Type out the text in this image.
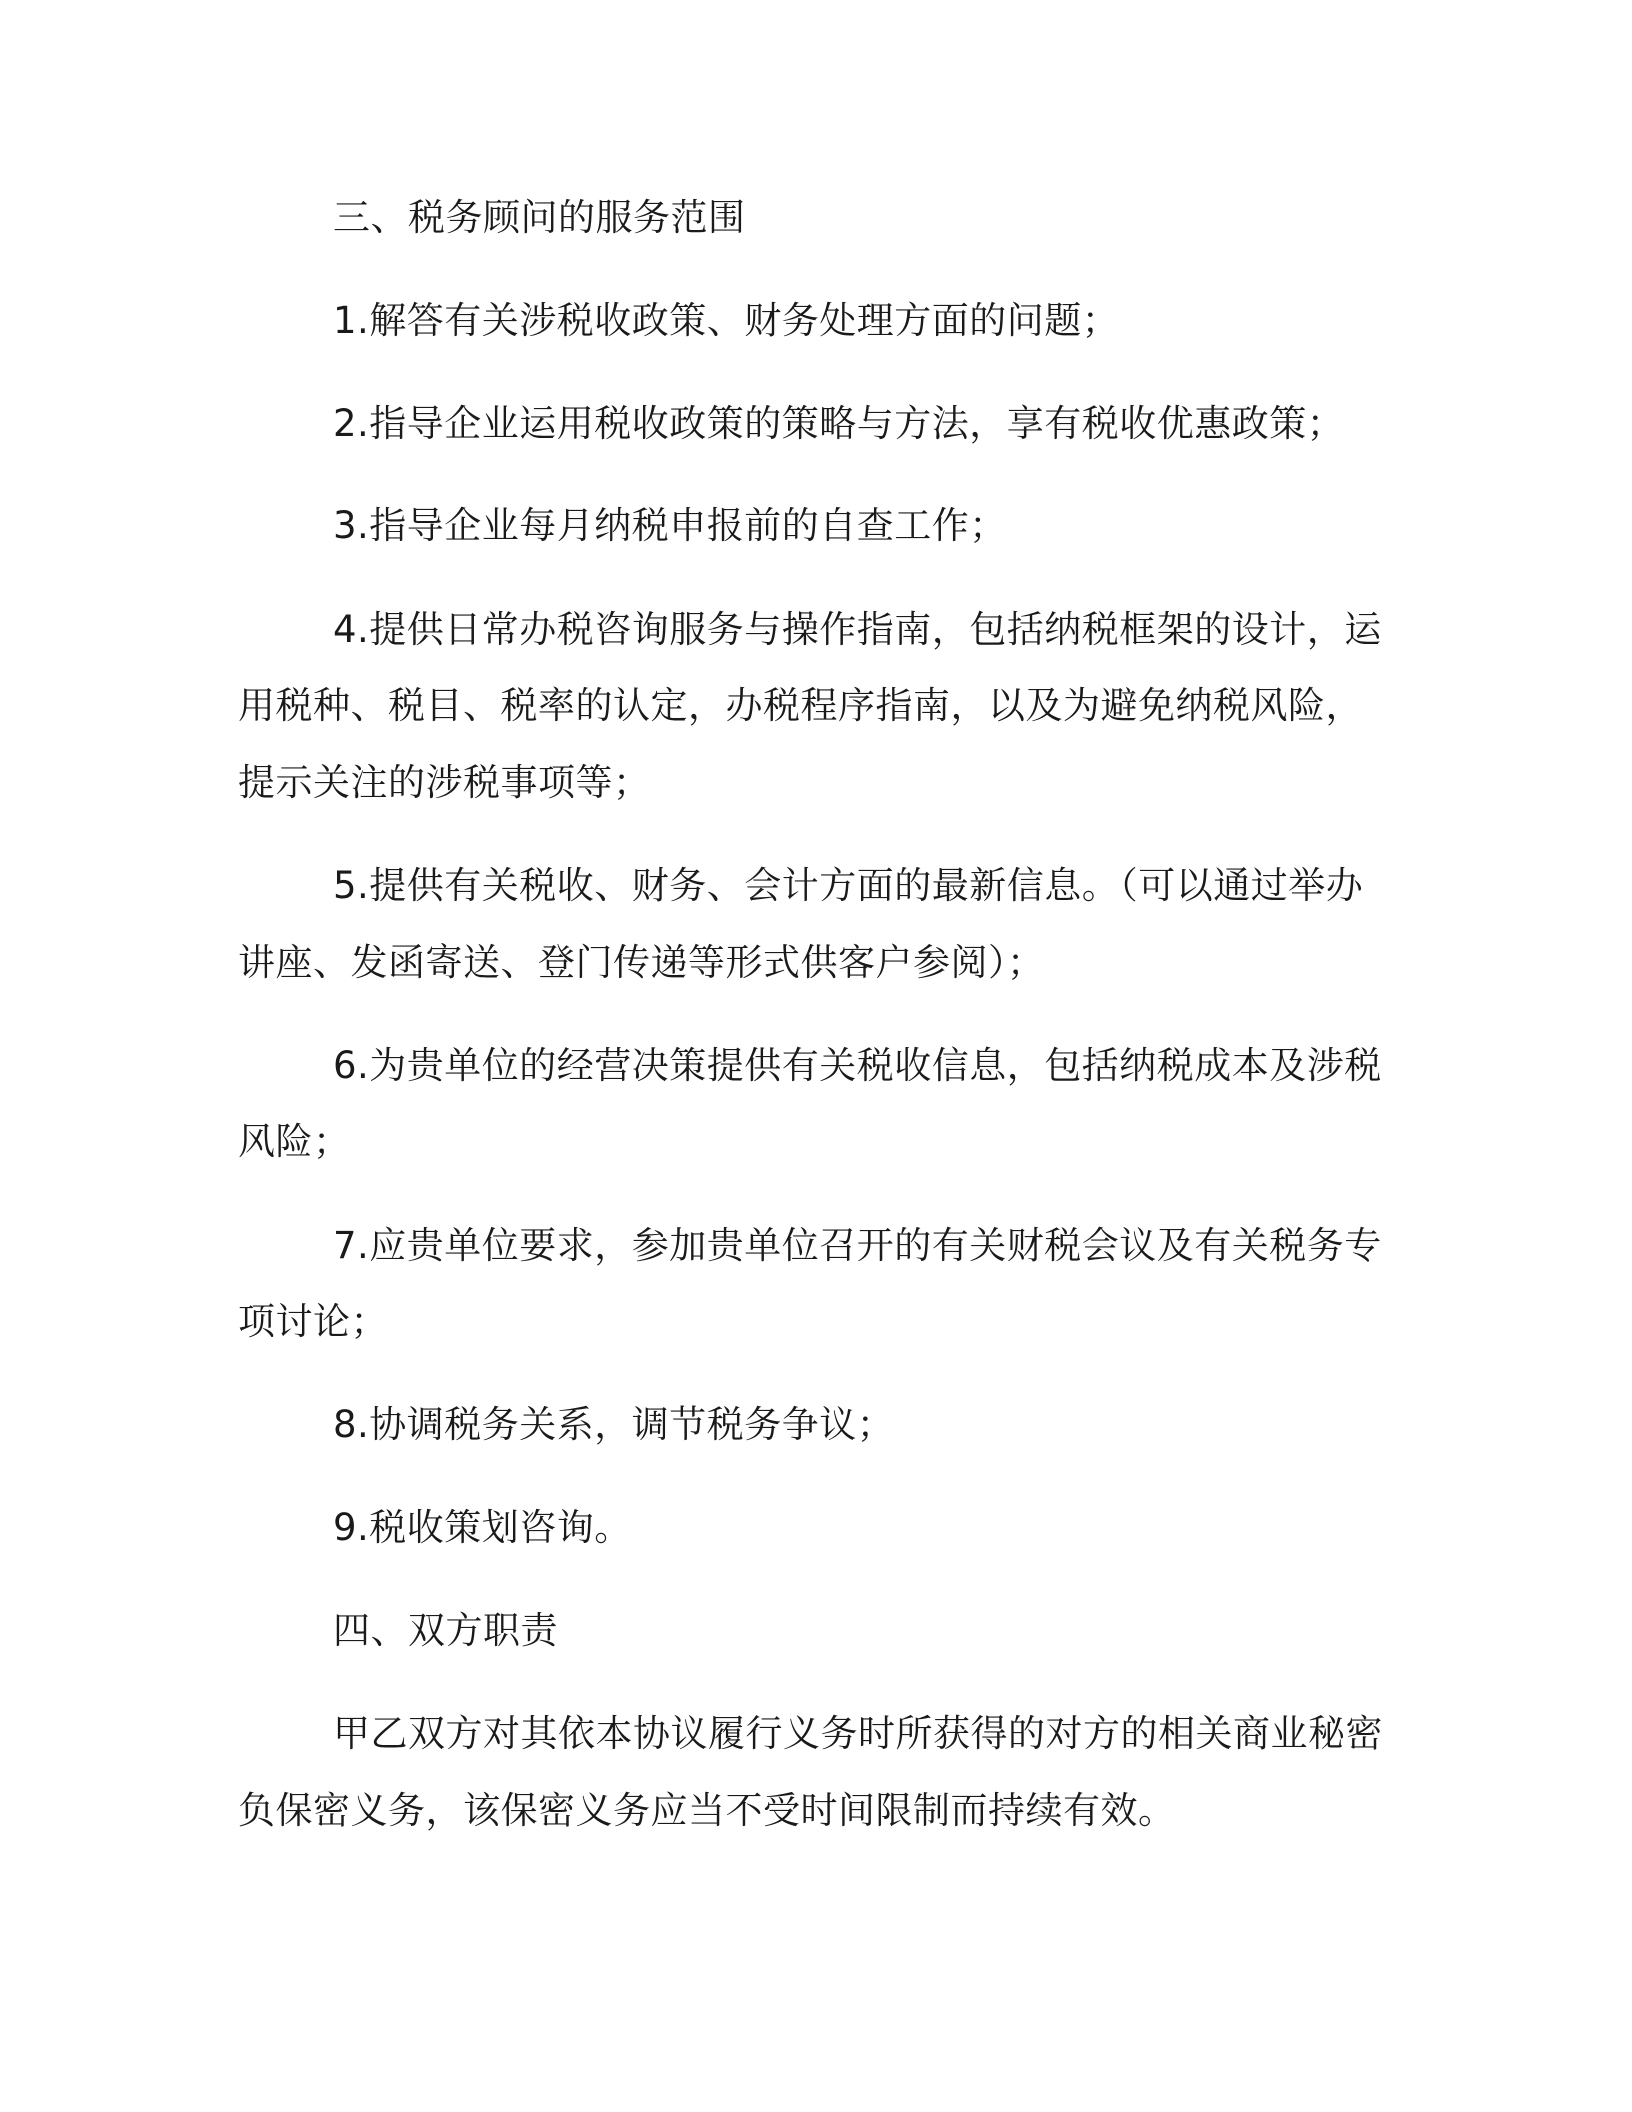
三、税务顾问的服务范围
1.解答有关涉税收政策、财务处理方面的问题；
2.指导企业运用税收政策的策略与方法，享有税收优惠政策；
3.指导企业每月纳税申报前的自查工作；
4.提供日常办税咨询服务与操作指南，包括纳税框架的设计，运
用税种、税目、税率的认定，办税程序指南，以及为避免纳税风险，
提示关注的涉税事项等；
5.提供有关税收、财务、会计方面的最新信息。（可以通过举办
讲座、发函寄送、登门传递等形式供客户参阅）；
6.为贵单位的经营决策提供有关税收信息，包括纳税成本及涉税
风险；
7.应贵单位要求，参加贵单位召开的有关财税会议及有关税务专
项讨论；
8.协调税务关系，调节税务争议；
9.税收策划咨询。
四、双方职责
甲乙双方对其依本协议履行义务时所获得的对方的相关商业秘密
负保密义务，该保密义务应当不受时间限制而持续有效。
